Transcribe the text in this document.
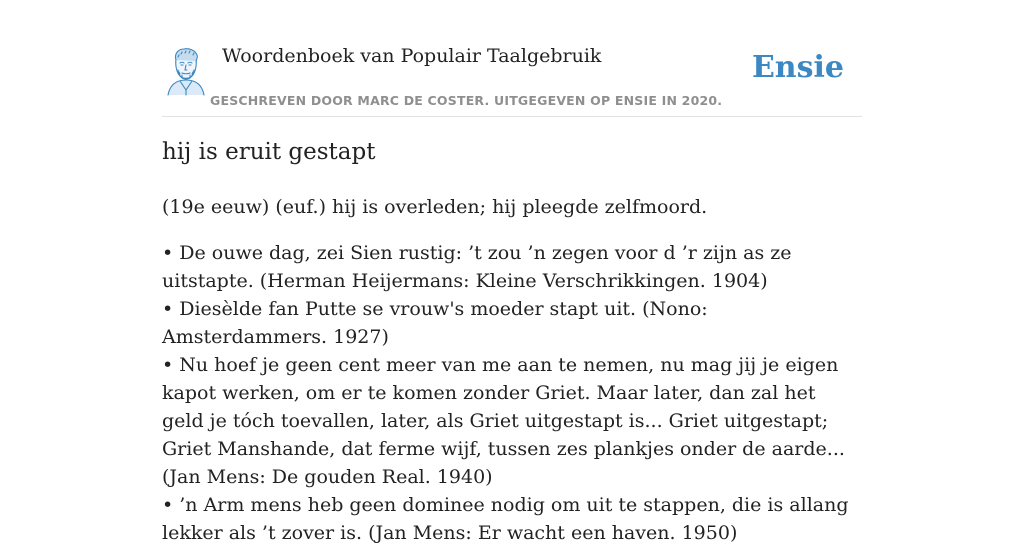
Woordenboek van Populair Taalgebruik
GESCHREVEN DOOR MARC DE COSTER. UITGEGEVEN OP ENSIE IN 2020.
Ensie
hij is eruit gestapt

(19e eeuw) (euf.) hij is overleden; hij pleegde zelfmoord.

• De ouwe dag, zei Sien rustig: ’t zou ’n zegen voor d ’r zijn as ze uitstapte. (Herman Heijermans: Kleine Verschrikkingen. 1904)
• Diesèlde fan Putte se vrouw's moeder stapt uit. (Nono: Amsterdammers. 1927)
• Nu hoef je geen cent meer van me aan te nemen, nu mag jij je eigen kapot werken, om er te komen zonder Griet. Maar later, dan zal het geld je tóch toevallen, later, als Griet uitgestapt is... Griet uitgestapt; Griet Manshande, dat ferme wijf, tussen zes plankjes onder de aarde... (Jan Mens: De gouden Real. 1940)
• ’n Arm mens heb geen dominee nodig om uit te stappen, die is allang lekker als ’t zover is. (Jan Mens: Er wacht een haven. 1950)
